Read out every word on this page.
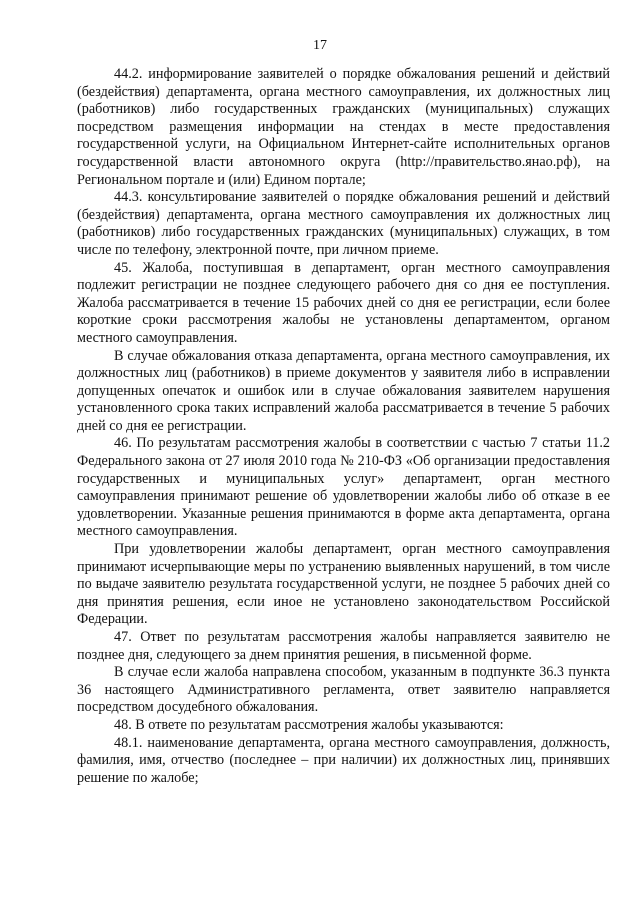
17

44.2. информирование заявителей о порядке обжалования решений и действий (бездействия) департамента, органа местного самоуправления, их должностных лиц (работников) либо государственных гражданских (муниципальных) служащих посредством размещения информации на стендах в месте предоставления государственной услуги, на Официальном Интернет-сайте исполнительных органов государственной власти автономного округа (http://правительство.янао.рф), на Региональном портале и (или) Едином портале;

44.3. консультирование заявителей о порядке обжалования решений и действий (бездействия) департамента, органа местного самоуправления их должностных лиц (работников) либо государственных гражданских (муниципальных) служащих, в том числе по телефону, электронной почте, при личном приеме.

45. Жалоба, поступившая в департамент, орган местного самоуправления подлежит регистрации не позднее следующего рабочего дня со дня ее поступления. Жалоба рассматривается в течение 15 рабочих дней со дня ее регистрации, если более короткие сроки рассмотрения жалобы не установлены департаментом, органом местного самоуправления.

В случае обжалования отказа департамента, органа местного самоуправления, их должностных лиц (работников) в приеме документов у заявителя либо в исправлении допущенных опечаток и ошибок или в случае обжалования заявителем нарушения установленного срока таких исправлений жалоба рассматривается в течение 5 рабочих дней со дня ее регистрации.

46. По результатам рассмотрения жалобы в соответствии с частью 7 статьи 11.2 Федерального закона от 27 июля 2010 года № 210-ФЗ «Об организации предоставления государственных и муниципальных услуг» департамент, орган местного самоуправления принимают решение об удовлетворении жалобы либо об отказе в ее удовлетворении. Указанные решения принимаются в форме акта департамента, органа местного самоуправления.

При удовлетворении жалобы департамент, орган местного самоуправления принимают исчерпывающие меры по устранению выявленных нарушений, в том числе по выдаче заявителю результата государственной услуги, не позднее 5 рабочих дней со дня принятия решения, если иное не установлено законодательством Российской Федерации.

47. Ответ по результатам рассмотрения жалобы направляется заявителю не позднее дня, следующего за днем принятия решения, в письменной форме.

В случае если жалоба направлена способом, указанным в подпункте 36.3 пункта 36 настоящего Административного регламента, ответ заявителю направляется посредством досудебного обжалования.

48. В ответе по результатам рассмотрения жалобы указываются:

48.1. наименование департамента, органа местного самоуправления, должность, фамилия, имя, отчество (последнее – при наличии) их должностных лиц, принявших решение по жалобе;
